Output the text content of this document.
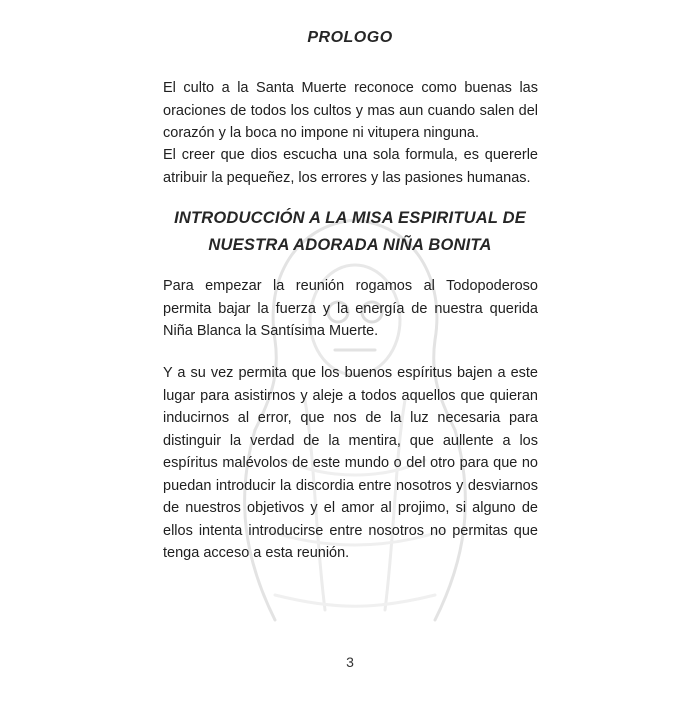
PROLOGO

El culto a la Santa Muerte reconoce como buenas las oraciones de todos los cultos y mas aun cuando salen del corazón y la boca no impone ni vitupera ninguna.

El creer que dios escucha una sola formula, es quererle atribuir la pequeñez, los errores y las pasiones humanas.

INTRODUCCIÓN A LA MISA ESPIRITUAL DE
NUESTRA ADORADA NIÑA BONITA

Para empezar la reunión rogamos al Todopoderoso permita bajar la fuerza y la energía de nuestra querida Niña Blanca la Santísima Muerte.

Y a su vez permita que los buenos espíritus bajen a este lugar para asistirnos y aleje a todos aquellos que quieran inducirnos al error, que nos de la luz necesaria para distinguir la verdad de la mentira, que aullente a los espíritus malévolos de este mundo o del otro para que no puedan introducir la discordia entre nosotros y desviarnos de nuestros objetivos y el amor al projimo, si alguno de ellos intenta introducirse entre nosotros no permitas que tenga acceso a esta reunión.

3
